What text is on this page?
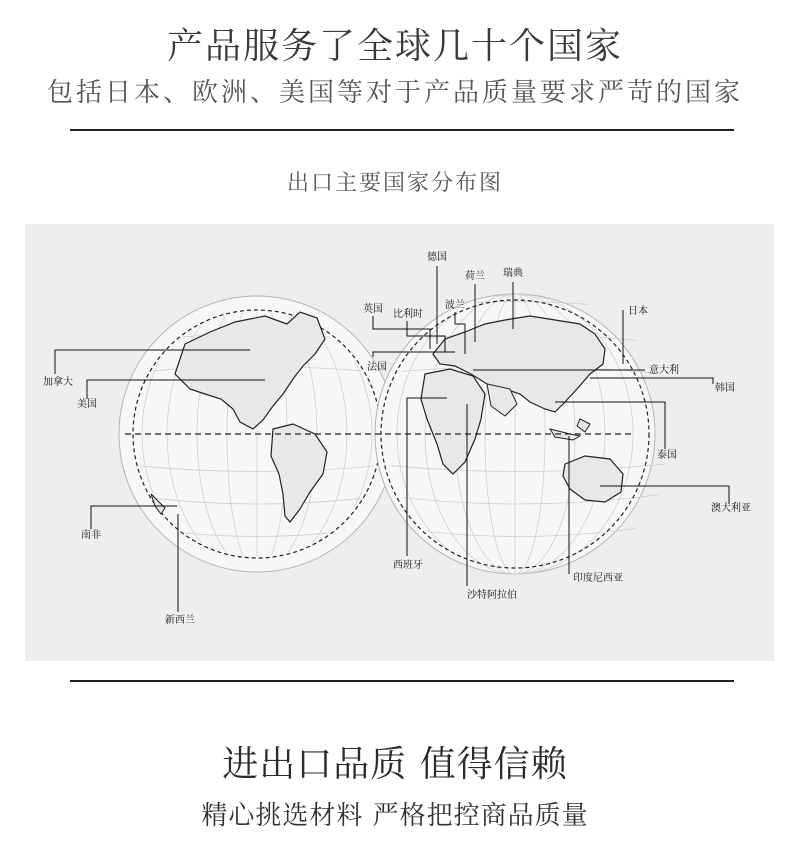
产品服务了全球几十个国家
包括日本、欧洲、美国等对于产品质量要求严苛的国家
出口主要国家分布图
德国
荷兰 瑞典
英国 比利时
波兰
日本
法国	意大利
韩国
加拿大
美国
泰国
澳大利亚
南非
西班牙
印度尼西亚
沙特阿拉伯
新西兰
进出口品质 值得信赖
精心挑选材料 严格把控商品质量
